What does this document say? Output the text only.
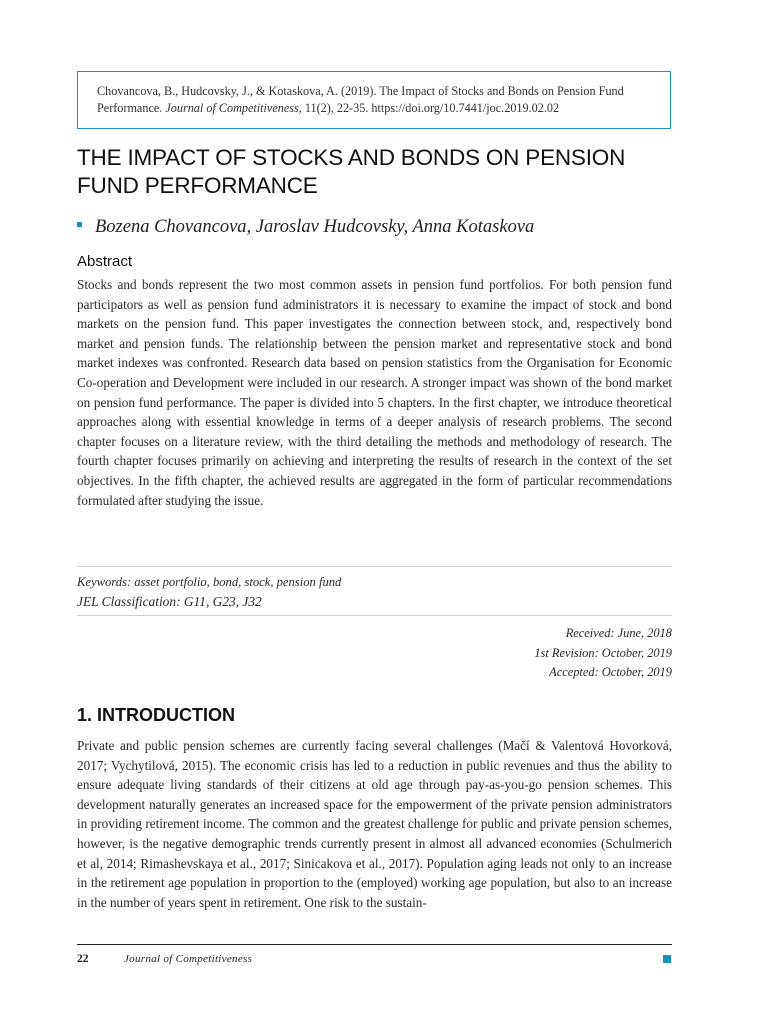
Chovancova, B., Hudcovsky, J., & Kotaskova, A. (2019). The Impact of Stocks and Bonds on Pension Fund Performance. Journal of Competitiveness, 11(2), 22-35. https://doi.org/10.7441/joc.2019.02.02
THE IMPACT OF STOCKS AND BONDS ON PENSION FUND PERFORMANCE
Bozena Chovancova, Jaroslav Hudcovsky, Anna Kotaskova
Abstract

Stocks and bonds represent the two most common assets in pension fund portfolios. For both pension fund participators as well as pension fund administrators it is necessary to examine the impact of stock and bond markets on the pension fund. This paper investigates the connection between stock, and, respectively bond market and pension funds. The relationship between the pension market and representative stock and bond market indexes was confronted. Research data based on pension statistics from the Organisation for Economic Co-operation and Development were included in our research. A stronger impact was shown of the bond market on pension fund performance. The paper is divided into 5 chapters. In the first chapter, we introduce theoretical approaches along with essential knowledge in terms of a deeper analysis of research problems. The second chapter focuses on a literature review, with the third detailing the methods and methodology of research. The fourth chapter focuses primarily on achieving and interpreting the results of research in the context of the set objectives. In the fifth chapter, the achieved results are aggregated in the form of particular recommendations formulated after studying the issue.

Keywords: asset portfolio, bond, stock, pension fund
JEL Classification: G11, G23, J32
Received: June, 2018
1st Revision: October, 2019
Accepted: October, 2019
1. INTRODUCTION

Private and public pension schemes are currently facing several challenges (Mačí & Valentová Hovorková, 2017; Vychytilová, 2015). The economic crisis has led to a reduction in public revenues and thus the ability to ensure adequate living standards of their citizens at old age through pay-as-you-go pension schemes. This development naturally generates an increased space for the empowerment of the private pension administrators in providing retirement income. The common and the greatest challenge for public and private pension schemes, however, is the negative demographic trends currently present in almost all advanced economies (Schulmerich et al, 2014; Rimashevskaya et al., 2017; Sinicakova et al., 2017). Population aging leads not only to an increase in the retirement age population in proportion to the (employed) working age population, but also to an increase in the number of years spent in retirement. One risk to the sustain-

22	Journal of Competitiveness
